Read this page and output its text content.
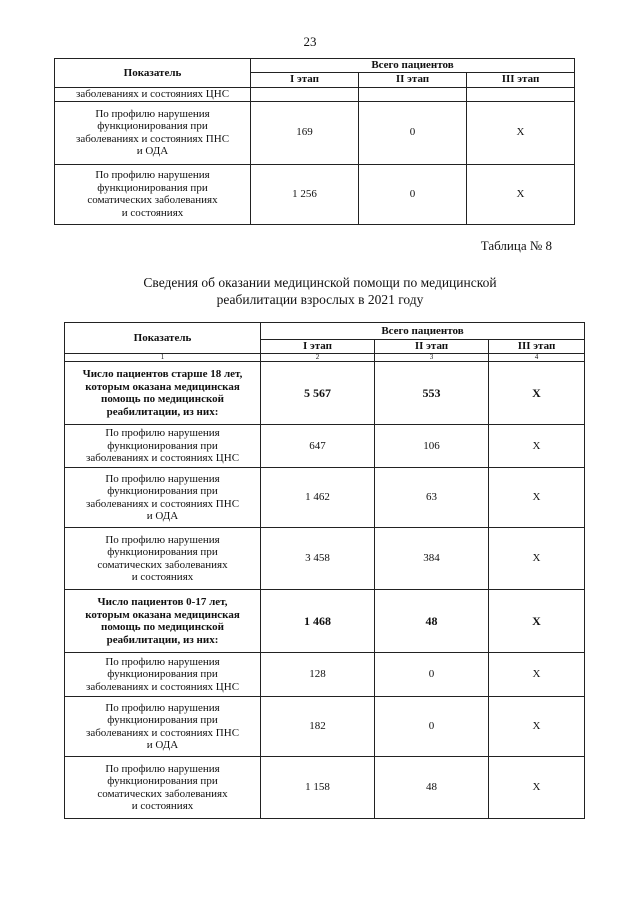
23
Показатель	Всего пациентов		
	I этап	II этап	III этап
заболеваниях и состояниях ЦНС			
По профилю нарушения
функционирования при
заболеваниях и состояниях ПНС
и ОДА	169	0	Х
По профилю нарушения
функционирования при
соматических заболеваниях
и состояниях	1 256	0	Х
Таблица № 8
Сведения об оказании медицинской помощи по медицинской
реабилитации взрослых в 2021 году
Показатель	Всего пациентов		
	I этап	II этап	III этап
1	2	3	4
Число пациентов старше 18 лет,
которым оказана медицинская
помощь по медицинской
реабилитации, из них:	5 567	553	Х
По профилю нарушения
функционирования при
заболеваниях и состояниях ЦНС	647	106	Х
По профилю нарушения
функционирования при
заболеваниях и состояниях ПНС
и ОДА	1 462	63	Х
По профилю нарушения
функционирования при
соматических заболеваниях
и состояниях	3 458	384	Х
Число пациентов 0-17 лет,
которым оказана медицинская
помощь по медицинской
реабилитации, из них:	1 468	48	Х
По профилю нарушения
функционирования при
заболеваниях и состояниях ЦНС	128	0	Х
По профилю нарушения
функционирования при
заболеваниях и состояниях ПНС
и ОДА	182	0	Х
По профилю нарушения
функционирования при
соматических заболеваниях
и состояниях	1 158	48	Х
